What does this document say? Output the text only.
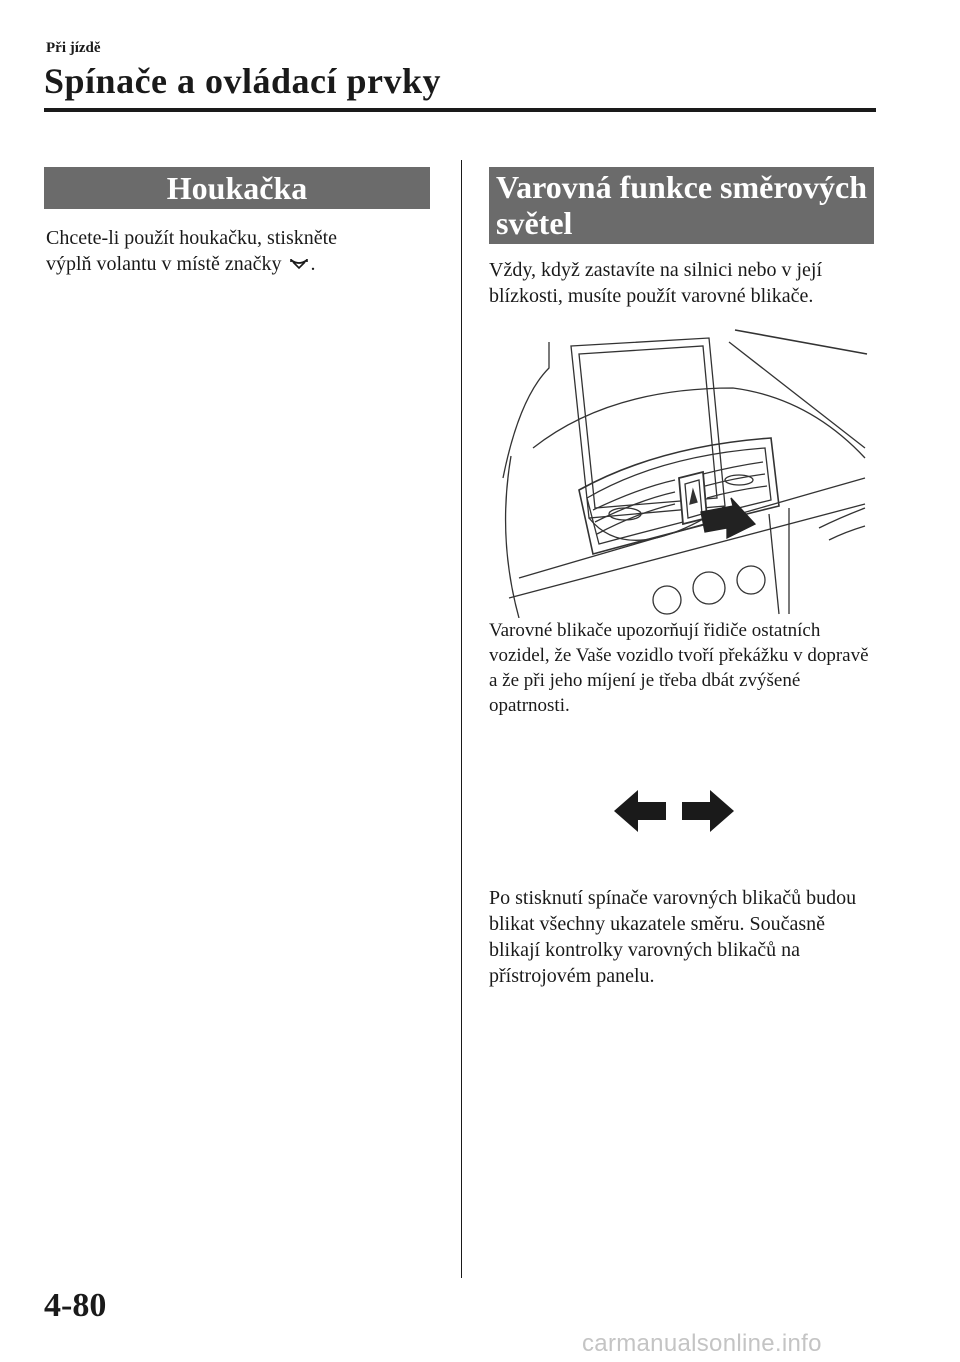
Při jízdě
Spínače a ovládací prvky
Houkačka
Chcete-li použít houkačku, stiskněte
výplň volantu v místě značky .
Varovná funkce směrových
světel
Vždy, když zastavíte na silnici nebo v její blízkosti, musíte použít varovné blikače.
Varovné blikače upozorňují řidiče ostatních vozidel, že Vaše vozidlo tvoří překážku v dopravě a že při jeho míjení je třeba dbát zvýšené opatrnosti.
Po stisknutí spínače varovných blikačů budou blikat všechny ukazatele směru. Současně blikají kontrolky varovných blikačů na přístrojovém panelu.
4-80
carmanualsonline.info
